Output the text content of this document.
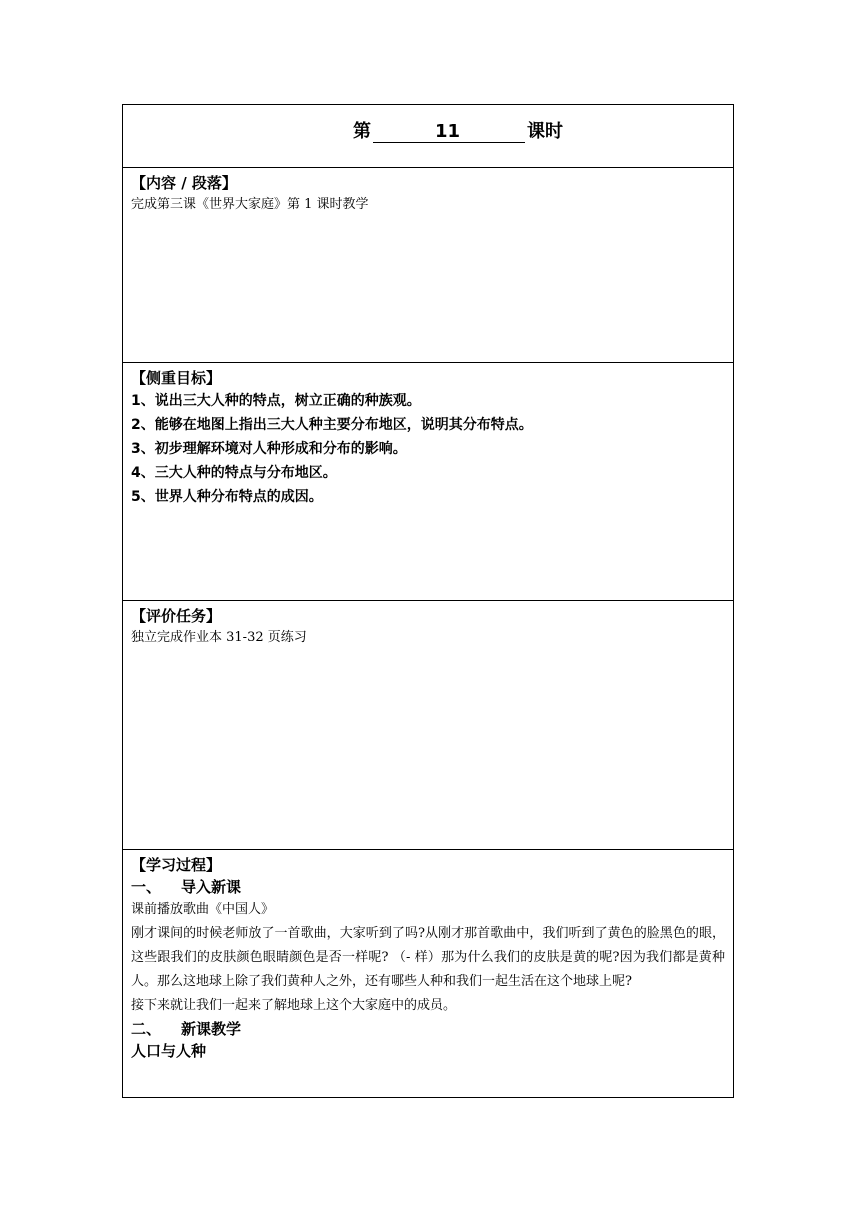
第	11	课时
【内容 / 段落】
完成第三课《世界大家庭》第 1 课时教学
【侧重目标】
1、说出三大人种的特点，树立正确的种族观。
2、能够在地图上指出三大人种主要分布地区，说明其分布特点。
3、初步理解环境对人种形成和分布的影响。
4、三大人种的特点与分布地区。
5、世界人种分布特点的成因。
【评价任务】
独立完成作业本 31-32 页练习
【学习过程】
一、 导入新课
课前播放歌曲《中国人》
刚才课间的时候老师放了一首歌曲，大家听到了吗?从刚才那首歌曲中，我们听到了黄色的脸黑色的眼，这些跟我们的皮肤颜色眼睛颜色是否一样呢? （- 样）那为什么我们的皮肤是黄的呢?因为我们都是黄种人。那么这地球上除了我们黄种人之外，还有哪些人种和我们一起生活在这个地球上呢?
接下来就让我们一起来了解地球上这个大家庭中的成员。
二、 新课教学
人口与人种
